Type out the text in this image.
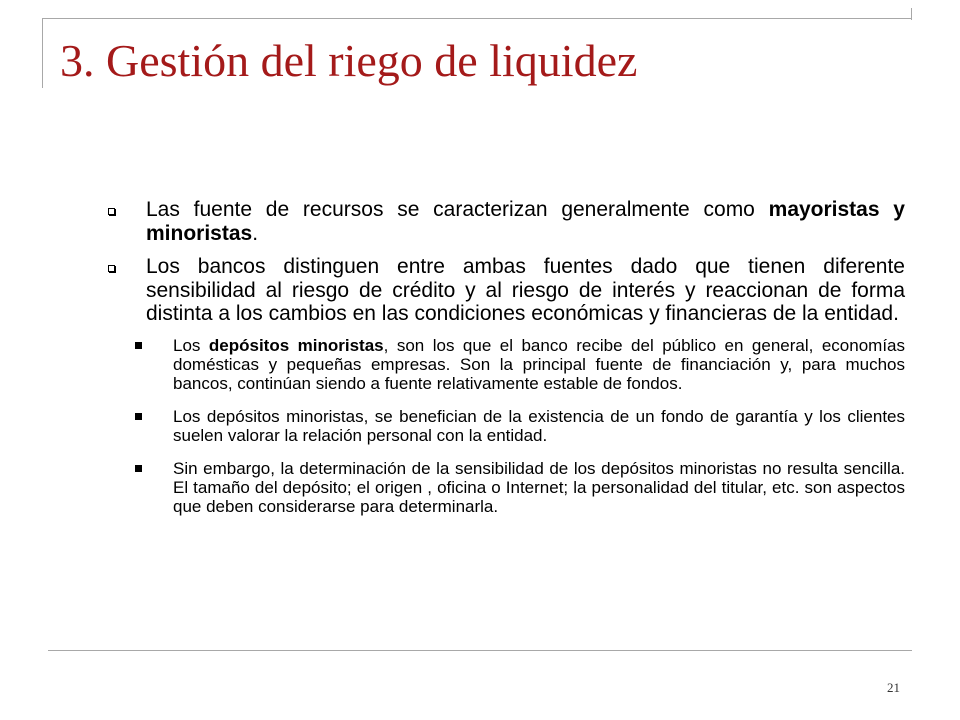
3. Gestión del riego de liquidez
Las fuente de recursos se caracterizan generalmente como mayoristas y minoristas.
Los bancos distinguen entre ambas fuentes dado que tienen diferente sensibilidad al riesgo de crédito y al riesgo de interés y reaccionan de forma distinta a los cambios en las condiciones económicas y financieras de la entidad.
Los depósitos minoristas, son los que el banco recibe del público en general, economías domésticas y pequeñas empresas. Son la principal fuente de financiación y, para muchos bancos, continúan siendo a fuente relativamente estable de fondos.
Los depósitos minoristas, se benefician de la existencia de un fondo de garantía y los clientes suelen valorar la relación personal con la entidad.
Sin embargo, la determinación de la sensibilidad de los depósitos minoristas no resulta sencilla. El tamaño del depósito; el origen , oficina o Internet; la personalidad del titular, etc. son aspectos que deben considerarse para determinarla.
21
